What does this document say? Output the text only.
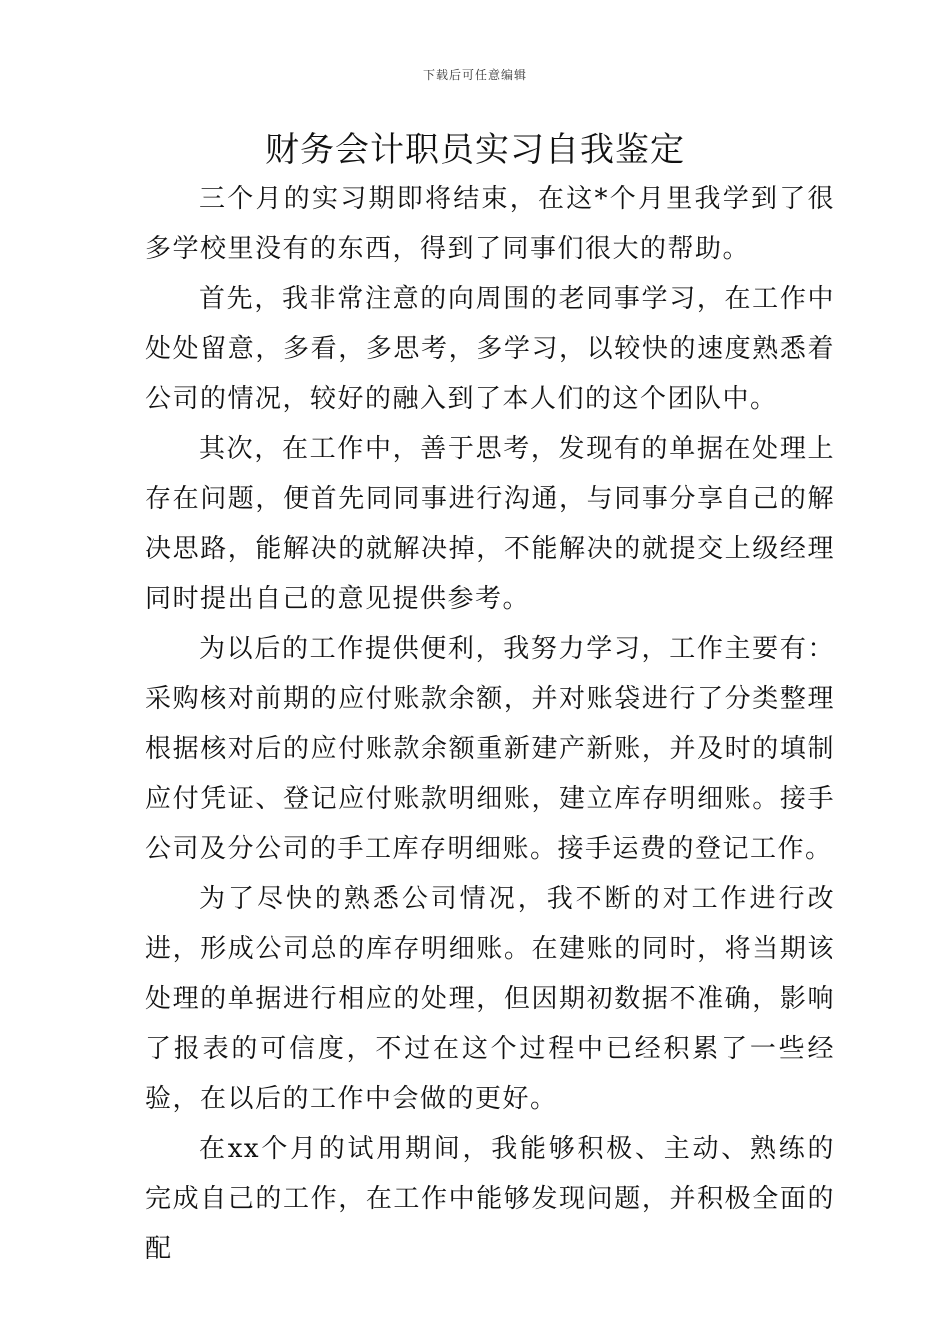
下载后可任意编辑
财务会计职员实习自我鉴定

三个月的实习期即将结束，在这*个月里我学到了很多学校里没有的东西，得到了同事们很大的帮助。

首先，我非常注意的向周围的老同事学习，在工作中处处留意，多看，多思考，多学习，以较快的速度熟悉着公司的情况，较好的融入到了本人们的这个团队中。

其次，在工作中，善于思考，发现有的单据在处理上存在问题，便首先同同事进行沟通，与同事分享自己的解决思路，能解决的就解决掉，不能解决的就提交上级经理同时提出自己的意见提供参考。

为以后的工作提供便利，我努力学习，工作主要有：采购核对前期的应付账款余额，并对账袋进行了分类整理根据核对后的应付账款余额重新建产新账，并及时的填制应付凭证、登记应付账款明细账，建立库存明细账。接手公司及分公司的手工库存明细账。接手运费的登记工作。

为了尽快的熟悉公司情况，我不断的对工作进行改进，形成公司总的库存明细账。在建账的同时，将当期该处理的单据进行相应的处理，但因期初数据不准确，影响了报表的可信度，不过在这个过程中已经积累了一些经验，在以后的工作中会做的更好。

在xx个月的试用期间，我能够积极、主动、熟练的完成自己的工作，在工作中能够发现问题，并积极全面的配
